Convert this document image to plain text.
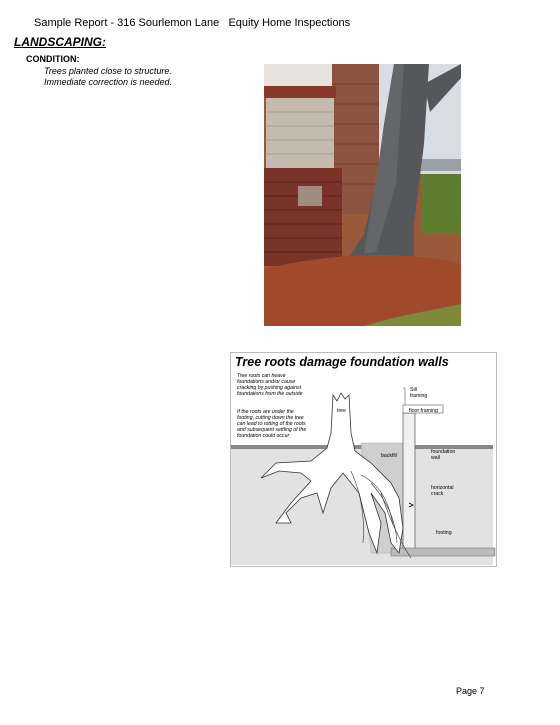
Sample Report - 316 Sourlemon Lane   Equity Home Inspections
LANDSCAPING:
CONDITION:
Trees planted close to structure.
Immediate correction is needed.
Tree roots damage foundation walls
Tree roots can heave
foundations and/or cause
cracking by pushing against
foundations from the outside
If the roots are under the
footing, cutting down the tree
can lead to rotting of the roots
and subsequent settling of the
foundation could occur
Sill
framing
floor framing
tree
backfill
foundation
wall
horizontal
crack
footing
Page 7
